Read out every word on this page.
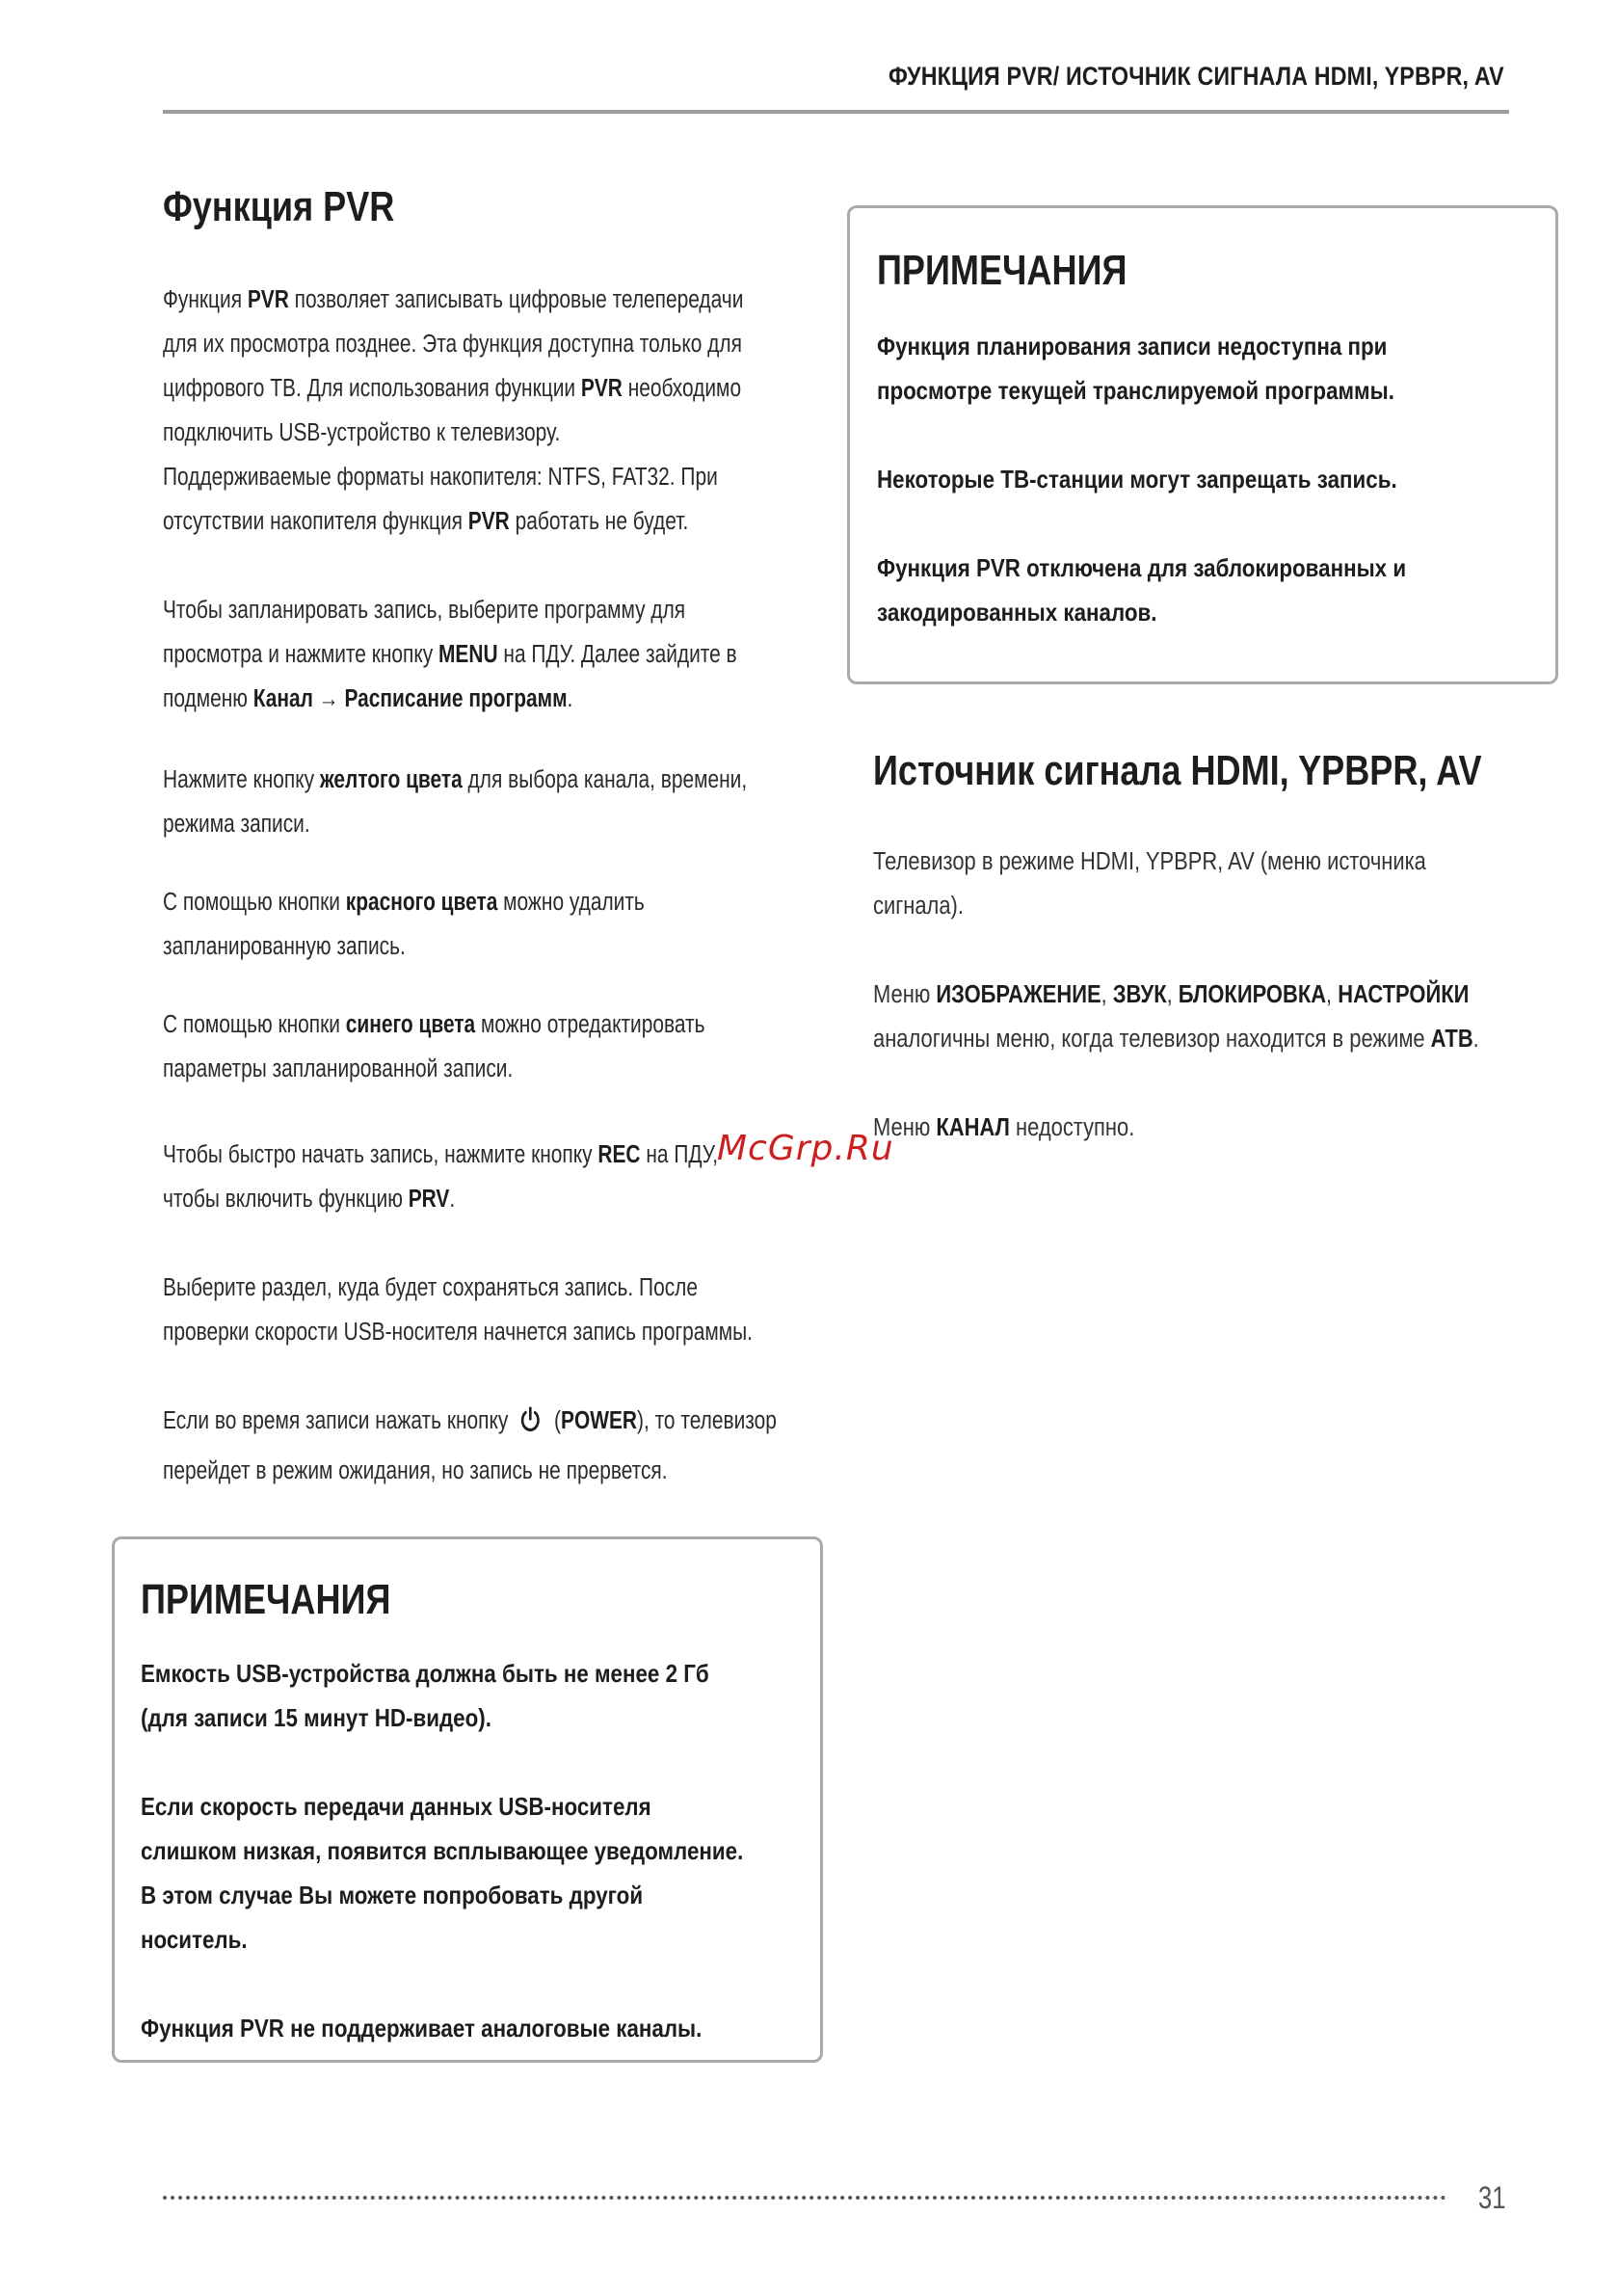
ФУНКЦИЯ PVR/ ИСТОЧНИК СИГНАЛА HDMI, YPBPR, AV
Функция PVR

Функция PVR позволяет записывать цифровые телепередачи для их просмотра позднее. Эта функция доступна только для цифрового ТВ. Для использования функции PVR необходимо подключить USB-устройство к телевизору.

Поддерживаемые форматы накопителя: NTFS, FAT32. При отсутствии накопителя функция PVR работать не будет.

Чтобы запланировать запись, выберите программу для просмотра и нажмите кнопку MENU на ПДУ. Далее зайдите в подменю Канал → Расписание программ.

Нажмите кнопку желтого цвета для выбора канала, времени, режима записи.

С помощью кнопки красного цвета можно удалить запланированную запись.

С помощью кнопки синего цвета можно отредактировать параметры запланированной записи.

Чтобы быстро начать запись, нажмите кнопку REC на ПДУ, чтобы включить функцию PRV.

Выберите раздел, куда будет сохраняться запись. После проверки скорости USB-носителя начнется запись программы.

Если во время записи нажать кнопку (POWER), то телевизор перейдет в режим ожидания, но запись не прервется.

ПРИМЕЧАНИЯ

Емкость USB-устройства должна быть не менее 2 Гб (для записи 15 минут HD-видео).

Если скорость передачи данных USB-носителя слишком низкая, появится всплывающее уведомление. В этом случае Вы можете попробовать другой носитель.

Функция PVR не поддерживает аналоговые каналы.

ПРИМЕЧАНИЯ

Функция планирования записи недоступна при просмотре текущей транслируемой программы.

Некоторые ТВ-станции могут запрещать запись.

Функция PVR отключена для заблокированных и закодированных каналов.

Источник сигнала HDMI, YPBPR, AV

Телевизор в режиме HDMI, YPBPR, AV (меню источника сигнала).

Меню ИЗОБРАЖЕНИЕ, ЗВУК, БЛОКИРОВКА, НАСТРОЙКИ аналогичны меню, когда телевизор находится в режиме АТВ.

Меню КАНАЛ недоступно.

McGrp.Ru
31
